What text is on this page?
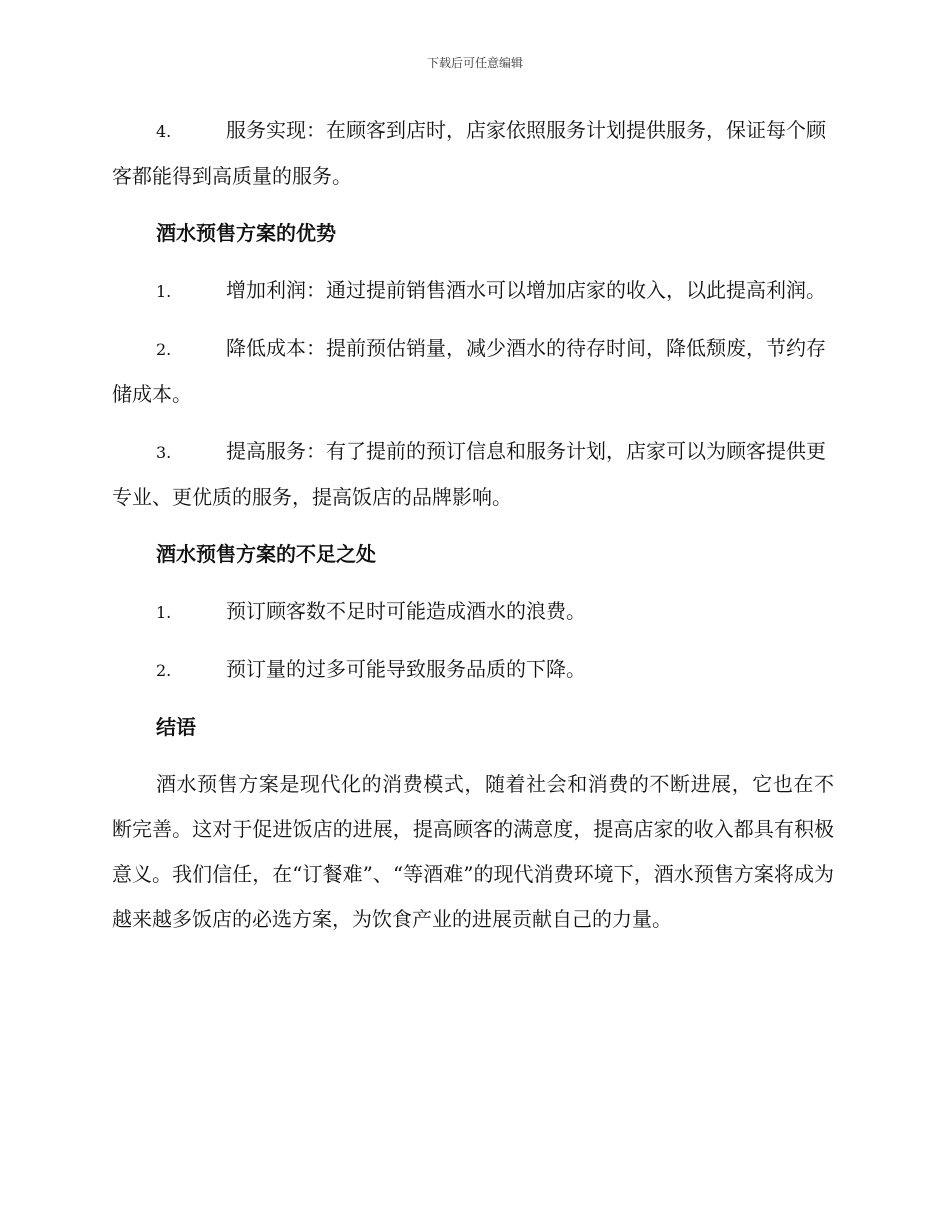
下载后可任意编辑

4.	服务实现：在顾客到店时，店家依照服务计划提供服务，保证每个顾客都能得到高质量的服务。

酒水预售方案的优势

1.	增加利润：通过提前销售酒水可以增加店家的收入，以此提高利润。

2.	降低成本：提前预估销量，减少酒水的待存时间，降低颓废，节约存储成本。

3.	提高服务：有了提前的预订信息和服务计划，店家可以为顾客提供更专业、更优质的服务，提高饭店的品牌影响。

酒水预售方案的不足之处

1.	预订顾客数不足时可能造成酒水的浪费。

2.	预订量的过多可能导致服务品质的下降。

结语

酒水预售方案是现代化的消费模式，随着社会和消费的不断进展，它也在不断完善。这对于促进饭店的进展，提高顾客的满意度，提高店家的收入都具有积极意义。我们信任，在“订餐难”、“等酒难”的现代消费环境下，酒水预售方案将成为越来越多饭店的必选方案，为饮食产业的进展贡献自己的力量。
